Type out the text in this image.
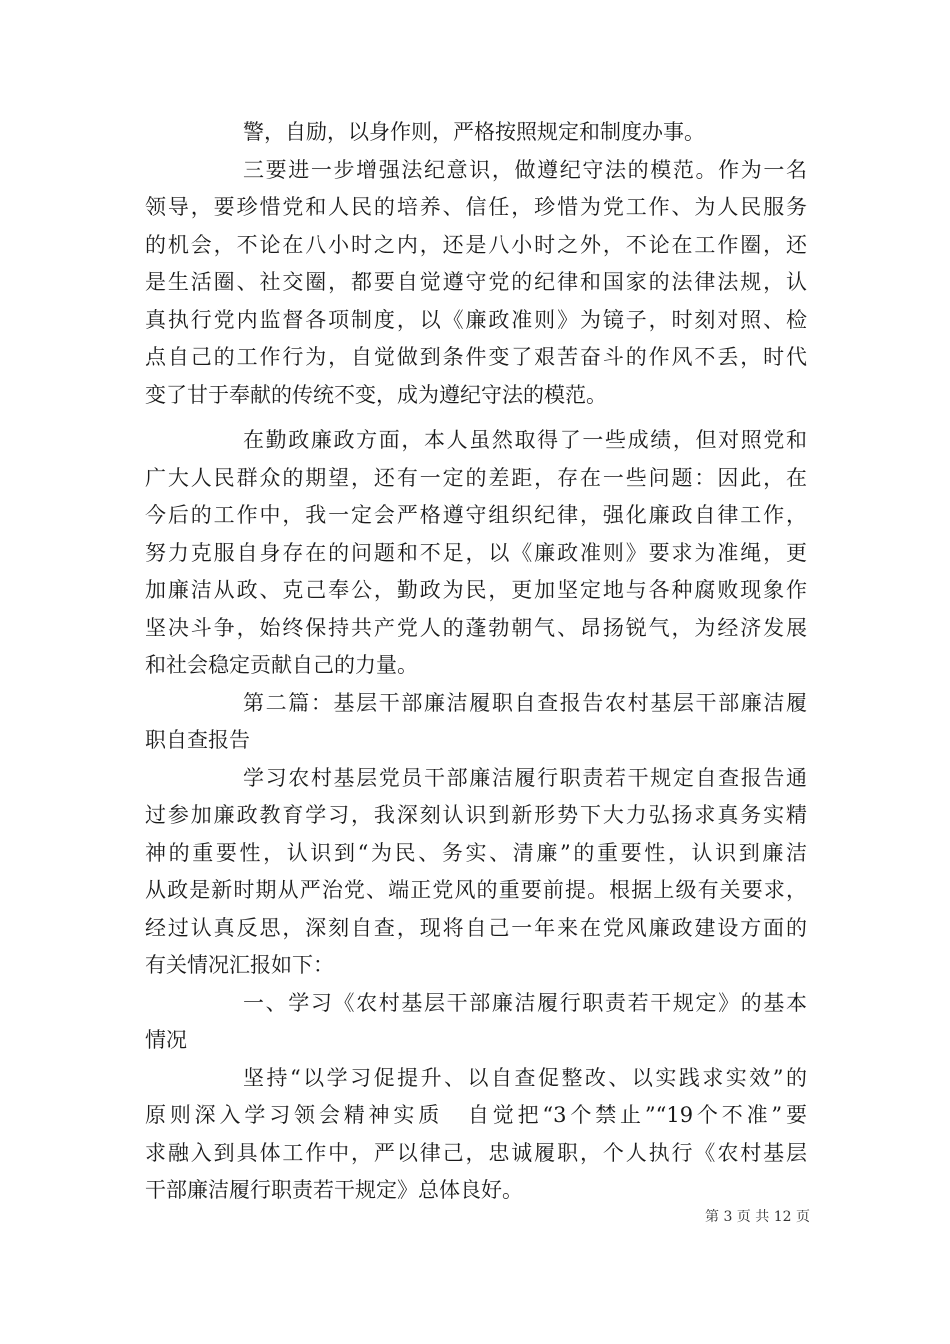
警，自励，以身作则，严格按照规定和制度办事。
三要进一步增强法纪意识，做遵纪守法的模范。作为一名
领导，要珍惜党和人民的培养、信任，珍惜为党工作、为人民服务
的机会，不论在八小时之内，还是八小时之外，不论在工作圈，还
是生活圈、社交圈，都要自觉遵守党的纪律和国家的法律法规，认
真执行党内监督各项制度，以《廉政准则》为镜子，时刻对照、检
点自己的工作行为，自觉做到条件变了艰苦奋斗的作风不丢，时代
变了甘于奉献的传统不变，成为遵纪守法的模范。
在勤政廉政方面，本人虽然取得了一些成绩，但对照党和
广大人民群众的期望，还有一定的差距，存在一些问题：因此，在
今后的工作中，我一定会严格遵守组织纪律，强化廉政自律工作，
努力克服自身存在的问题和不足，以《廉政准则》要求为准绳，更
加廉洁从政、克己奉公，勤政为民，更加坚定地与各种腐败现象作
坚决斗争，始终保持共产党人的蓬勃朝气、昂扬锐气，为经济发展
和社会稳定贡献自己的力量。
第二篇：基层干部廉洁履职自查报告农村基层干部廉洁履
职自查报告
学习农村基层党员干部廉洁履行职责若干规定自查报告通
过参加廉政教育学习，我深刻认识到新形势下大力弘扬求真务实精
神的重要性，认识到“为民、务实、清廉”的重要性，认识到廉洁
从政是新时期从严治党、端正党风的重要前提。根据上级有关要求，
经过认真反思，深刻自查，现将自己一年来在党风廉政建设方面的
有关情况汇报如下：
一、学习《农村基层干部廉洁履行职责若干规定》的基本
情况
坚持“以学习促提升、以自查促整改、以实践求实效”的
原则深入学习领会精神实质　自觉把“3个禁止”“19个不准”要
求融入到具体工作中，严以律己，忠诚履职，个人执行《农村基层
干部廉洁履行职责若干规定》总体良好。
第 3 页 共 12 页
